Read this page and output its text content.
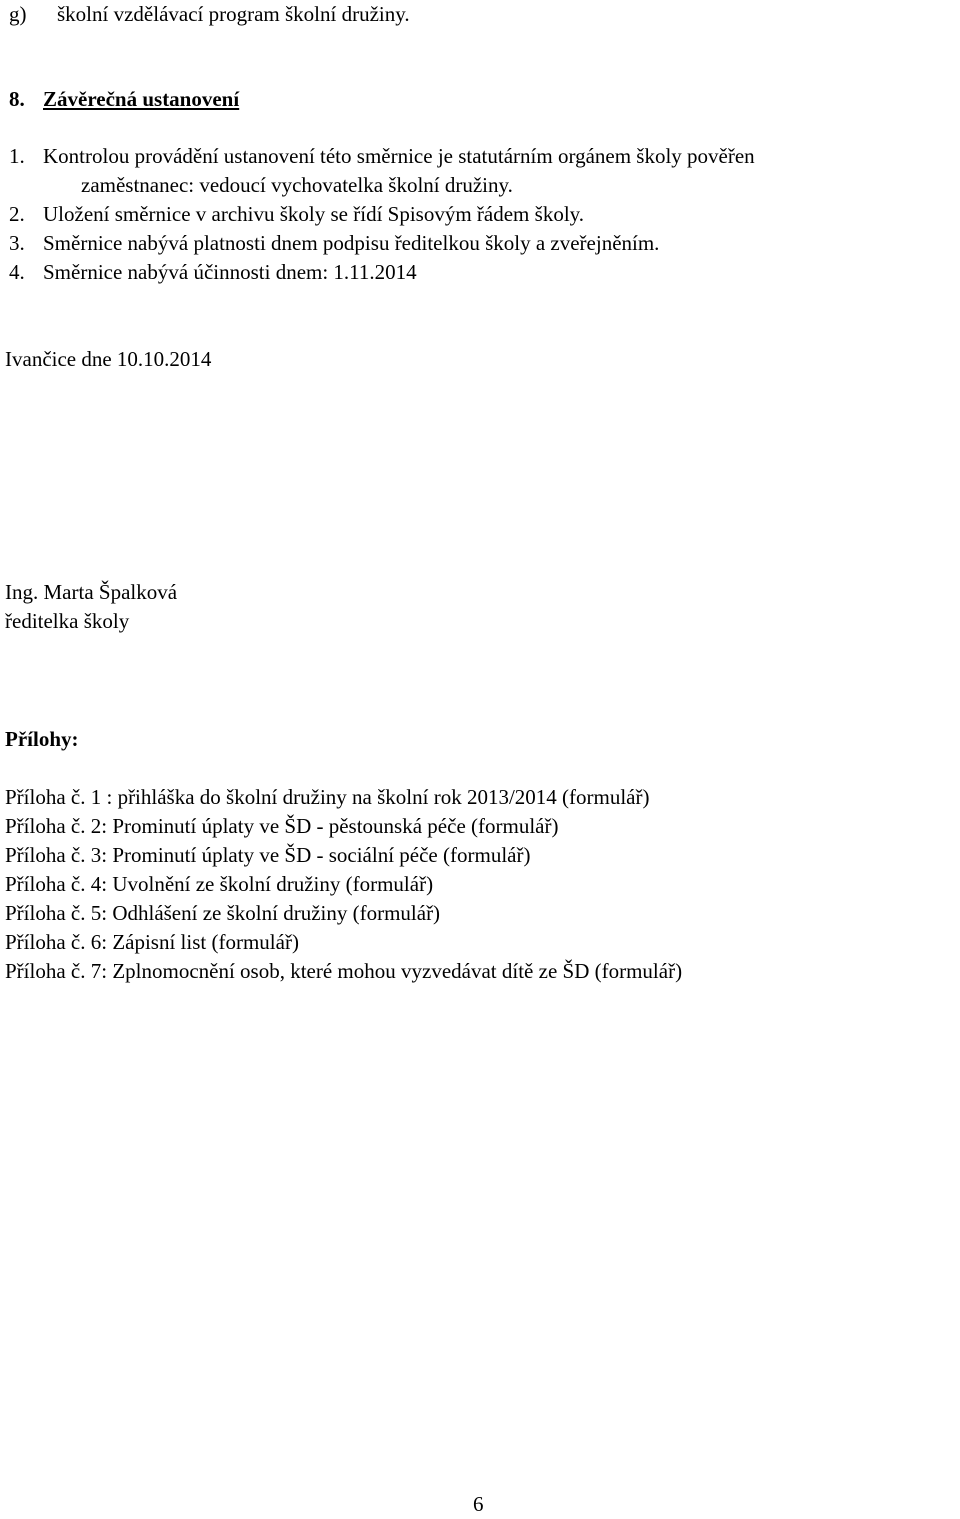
g) školní vzdělávací program školní družiny.
8. Závěrečná ustanovení
1. Kontrolou provádění ustanovení této směrnice je statutárním orgánem školy pověřen
zaměstnanec: vedoucí vychovatelka školní družiny.
2. Uložení směrnice v archivu školy se řídí Spisovým řádem školy.
3. Směrnice nabývá platnosti dnem podpisu ředitelkou školy a zveřejněním.
4. Směrnice nabývá účinnosti dnem: 1.11.2014
Ivančice dne 10.10.2014
Ing. Marta Špalková
ředitelka školy
Přílohy:
Příloha č. 1 : přihláška do školní družiny na školní rok 2013/2014 (formulář)
Příloha č. 2: Prominutí úplaty ve ŠD - pěstounská péče (formulář)
Příloha č. 3: Prominutí úplaty ve ŠD - sociální péče (formulář)
Příloha č. 4: Uvolnění ze školní družiny (formulář)
Příloha č. 5: Odhlášení ze školní družiny (formulář)
Příloha č. 6: Zápisní list (formulář)
Příloha č. 7: Zplnomocnění osob, které mohou vyzvedávat dítě ze ŠD (formulář)
6
